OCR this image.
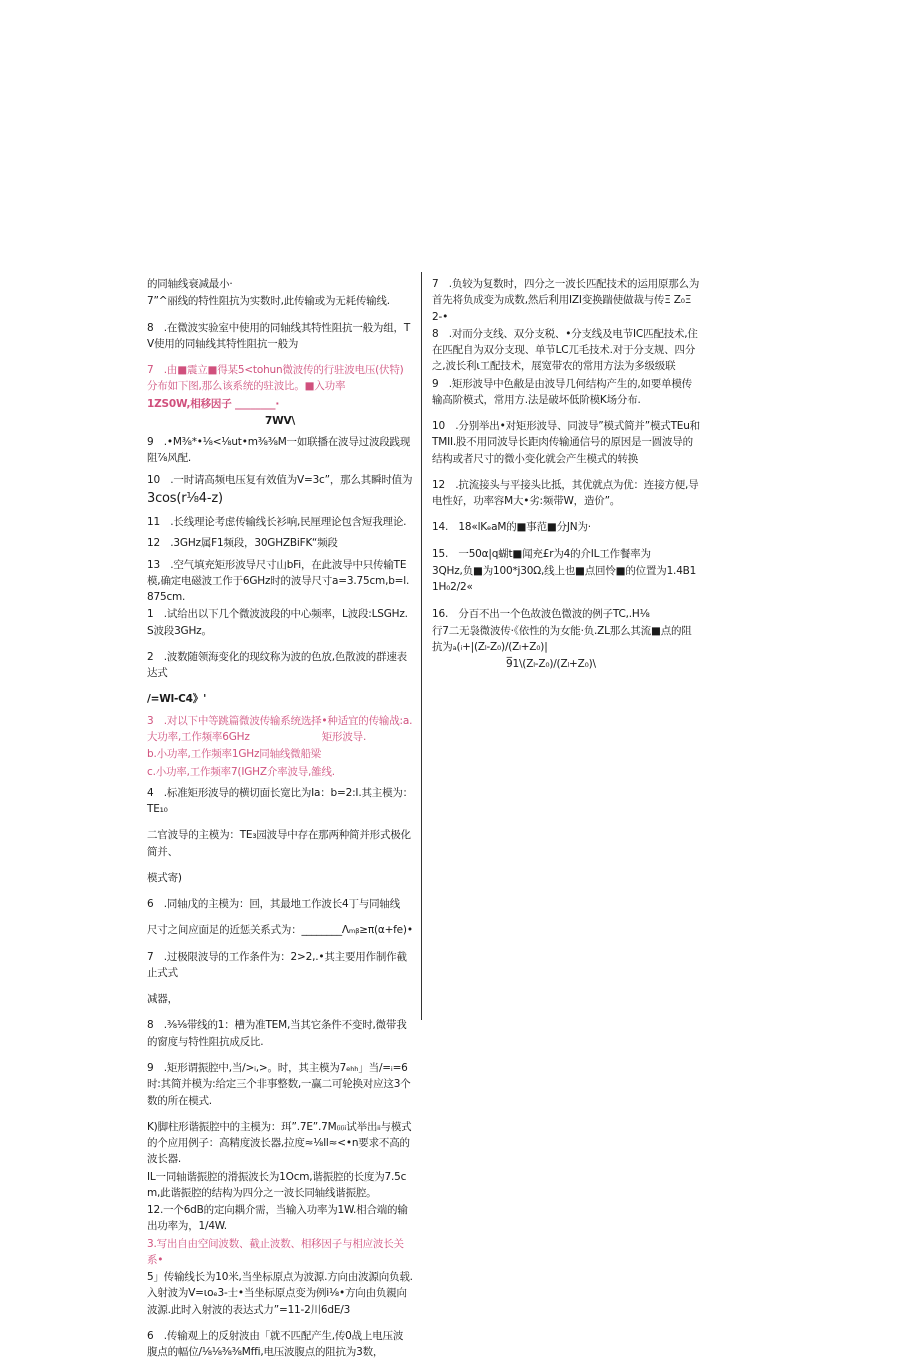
的同轴线衰减最小·

7”^丽线的特性阻抗为实数时,此传输或为无耗传输线.

8　.在微波实验室中使用的同轴线其特性阻抗一般为组，TV使用的同轴线其特性阻抗一般为

7　.由■震立■得某5<tohun微波传的行驻波电压(伏特)分布如下图,那么该系统的驻波比。■入功率

1ZS0W,相移因子 ________·

7WV\

9　.•M⅜*•⅛<⅛ut•m⅜⅜M一如联播在波导过波段践现阻⅞风配.

10　.一时请高频电压复有效值为V=3c”，那么其瞬时值为

3cos(r⅛4-z)

11　.长线理论考虑传输线长衫响,民厘理论包含短我理论.

12　.3GHz属F1频段，30GHZBiFK“频段

13　.空气填充矩形波导尺寸山bFi，在此波导中只传输TE模,确定电磁波工作于6GHz时的波导尺寸a=3.75cm,b=l.875cm.

1　.试给出以下几个微波波段的中心频率，L波段:LSGHz.S波段3GHz。

2　.波数随领海变化的现纹称为波的色放,色散波的群速表达式

/=Wl-C4》'

3　.对以下中等跳篇微波传输系统选择•种适宜的传输战:a.大功率,工作频率6GHz　　　　　　　矩形波导.

b.小功率,工作频率1GHz同轴线微船梁

c.小功率,工作频率7(IGHZ介率波导,雒线.

4　.标准矩形波导的横切面长宽比为Ia：b=2:I.其主模为：TE₁₀

二官波导的主模为：TE₃园波导中存在那两种简并形式极化简并、

模式寄)

6　.同轴戊的主模为：回，其最地工作波长4丁与同轴线

尺寸之间应面足的近惩关系式为：________Λₘᵦ≥π(α+fe)•

7　.过极限波导的工作条件为：2>2,.•其主要用作制作截止式式

减器，

8　.⅜⅛带线的1：槽为准TEM,当其它条件不变时,微带我的窗度与特性阻抗成反比.

9　.矩形谓振腔中,当/>ᵢ,>。时，其主模为7ₑₕₕ」当/=ᵢ=6时:其简并模为:给定三个非事整数,一赢二可轮换对应这3个数的所在模式.

K)脚柱形谐振腔中的主模为：珥”.7E”.7M₍ᵢ₍ᵢᵢ试举出ᵢᵢ与模式的个应用例子：高精度波长器,拉度≈⅛ll≈<•n要求不高的波长器.

IL一同轴谐振腔的滑振波长为1Ocm,谐振腔的长度为7.5cm,此谐振腔的结构为四分之一波长同轴线谐振腔。

12.一个6dB的定向耦介需，当输入功率为1W.相合端的输出功率为，1/4W.

3.写出自由空间波数、截止波数、相移因子与相应波长关系•

5」传输线长为10米,当坐标原点为波源.方向由波源向负载.入射波为V=ιoₑ3-士•当坐标原点变为例i⅛•方向由负親向波源.此时入射波的表达式力”=11-2川6dE/3

6　.传输观上的反射波由「就不匹配产生,传0战上电压波腹点的幅位/⅛⅛⅜⅜Mffi,电压波腹点的阻抗为3数，

7　.负较为复数时，四分之一波长匹配技术的运用原那么为首先将负成变为成数,然后利用IZI变换踹使做裁与传Ξ Z₀Ξ 2-•

8　.对而分支线、双分支税、•分支线及电节IC匹配技术,住在匹配自为双分支现、单节LC兀毛技术.对于分支规、四分之,波长利ι工配技术，展宽带农的常用方法为多级级联

9　.矩形波导中色敝是由波导几何结构产生的,如要单模传输高阶模式，常用方.法是破坏低阶模K场分布.

10　.分别举出•对矩形波导、同波导”模式简并”模式TEu和TMII.股不用同波导长距肉传输通信号的原因是一圆波导的结构或者尺寸的微小变化就会产生模式的转换

12　.抗流接头与平接头比抵，其优就点为优：连接方便,导电性好，功率容M大•劣:频带W，造价”。

14.　18«lKₑaM的■事范■分JN为·

15.　一50α|q蝴t■闻充£r为4的介IL工作餐率为

3QHz,负■为100*j30Ω,线上也■点回怜■的位置为1.4B11H₀2/2«

16.　分百不出一个色故波色微波的例子TC,.H⅛

行7二无袅微波传·《依性的为女能·负.ZL那么其流■点的阻抗为ₐ(ᵢ+|(Zₗ-Z₀)/(Zₗ+Z₀)|

9̅1\(Zₗ-Z₀)/(Zₗ+Z₀)\
